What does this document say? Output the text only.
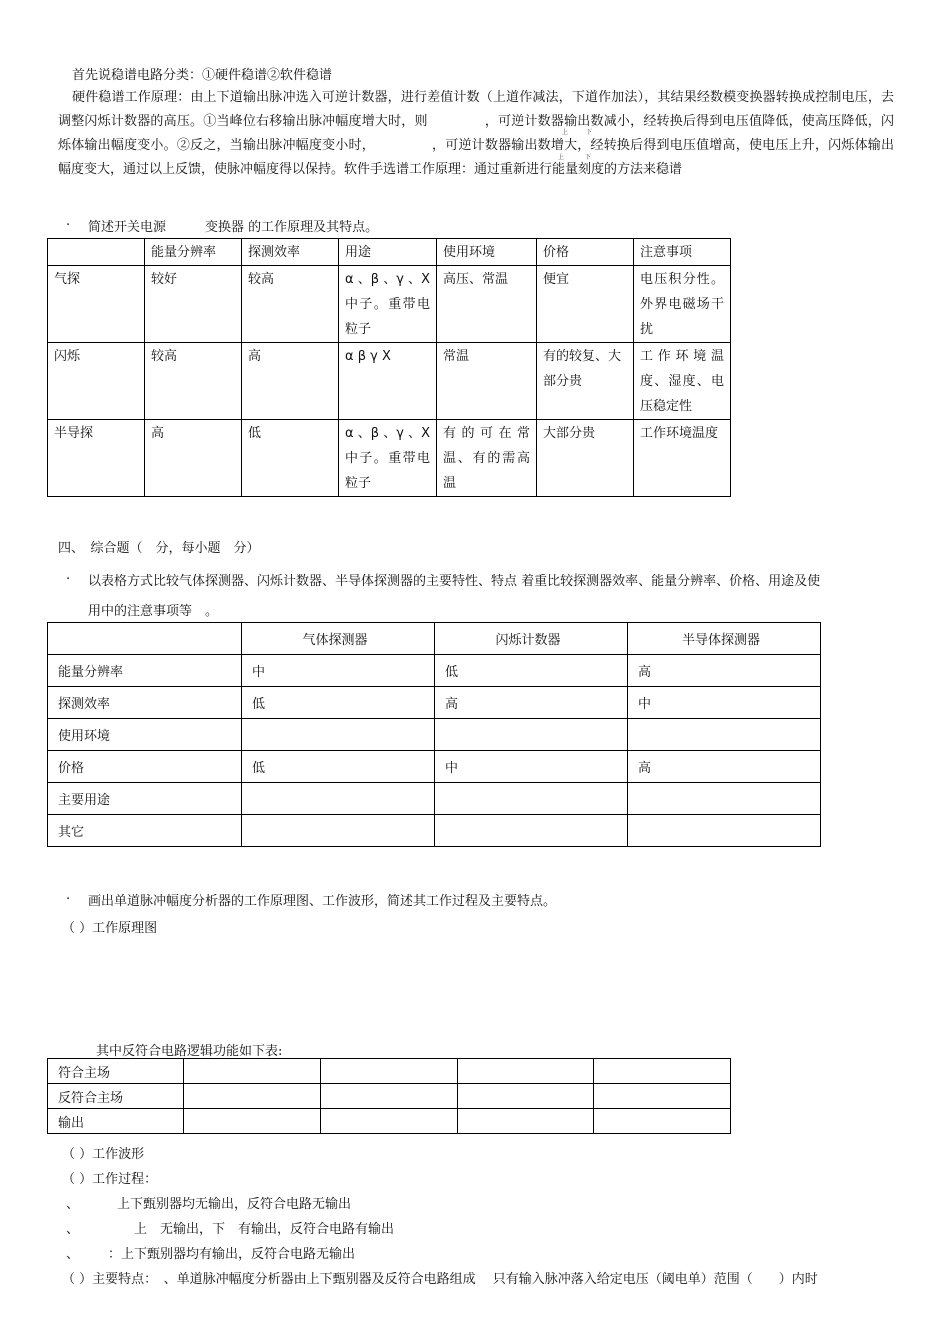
首先说稳谱电路分类：①硬件稳谱②软件稳谱
硬件稳谱工作原理：由上下道输出脉冲选入可逆计数器，进行差值计数（上道作减法，下道作加法），其结果经数模变换器转换成控制电压，去调整闪烁计数器的高压。①当峰位右移输出脉冲幅度增大时，则 　　　　，可逆计数器输出数减小，经转换后得到电压值降低，使高压降低，闪烁体输出幅度变小。②反之，当输出脉冲幅度变小时， 　　　　，可逆计数器输出数增大，经转换后得到电压值增高，使电压上升，闪烁体输出幅度变大，通过以上反馈，使脉冲幅度得以保持。软件手选谱工作原理：通过重新进行能量刻度的方法来稳谱
上	下
上	下
. 简述开关电源　　　变换器 的工作原理及其特点。
	能量分辨率	探测效率	用途	使用环境	价格	注意事项
气探	较好	较高	α 、β 、γ 、X 中子。重带电粒子	高压、常温	便宜	电压积分性。外界电磁场干扰
闪烁	较高	高	α β γ X	常温	有的较复、大部分贵	工作环境温度、湿度、电压稳定性
半导探	高	低	α 、β 、γ 、X 中子。重带电粒子	有的可在常温、有的需高温	大部分贵	工作环境温度
四、　综合题（　分，每小题　分）
. 以表格方式比较气体探测器、闪烁计数器、半导体探测器的主要特性、特点 着重比较探测器效率、能量分辨率、价格、用途及使
用中的注意事项等　。
	气体探测器	闪烁计数器	半导体探测器
能量分辨率	中	低	高
探测效率	低	高	中
使用环境			
价格	低	中	高
主要用途			
其它			
. 画出单道脉冲幅度分析器的工作原理图、工作波形，简述其工作过程及主要特点。
（ ）工作原理图
其中反符合电路逻辑功能如下表:
符合主场				
反符合主场				
输出				
（ ）工作波形
（ ）工作过程：
、	上下甄别器均无输出，反符合电路无输出
、	上　无输出，下　有输出，反符合电路有输出
、 ：上下甄别器均有输出，反符合电路无输出
（ ）主要特点：　、单道脉冲幅度分析器由上下甄别器及反符合电路组成　 只有输入脉冲落入给定电压（阈电单）范围（　　）内时
